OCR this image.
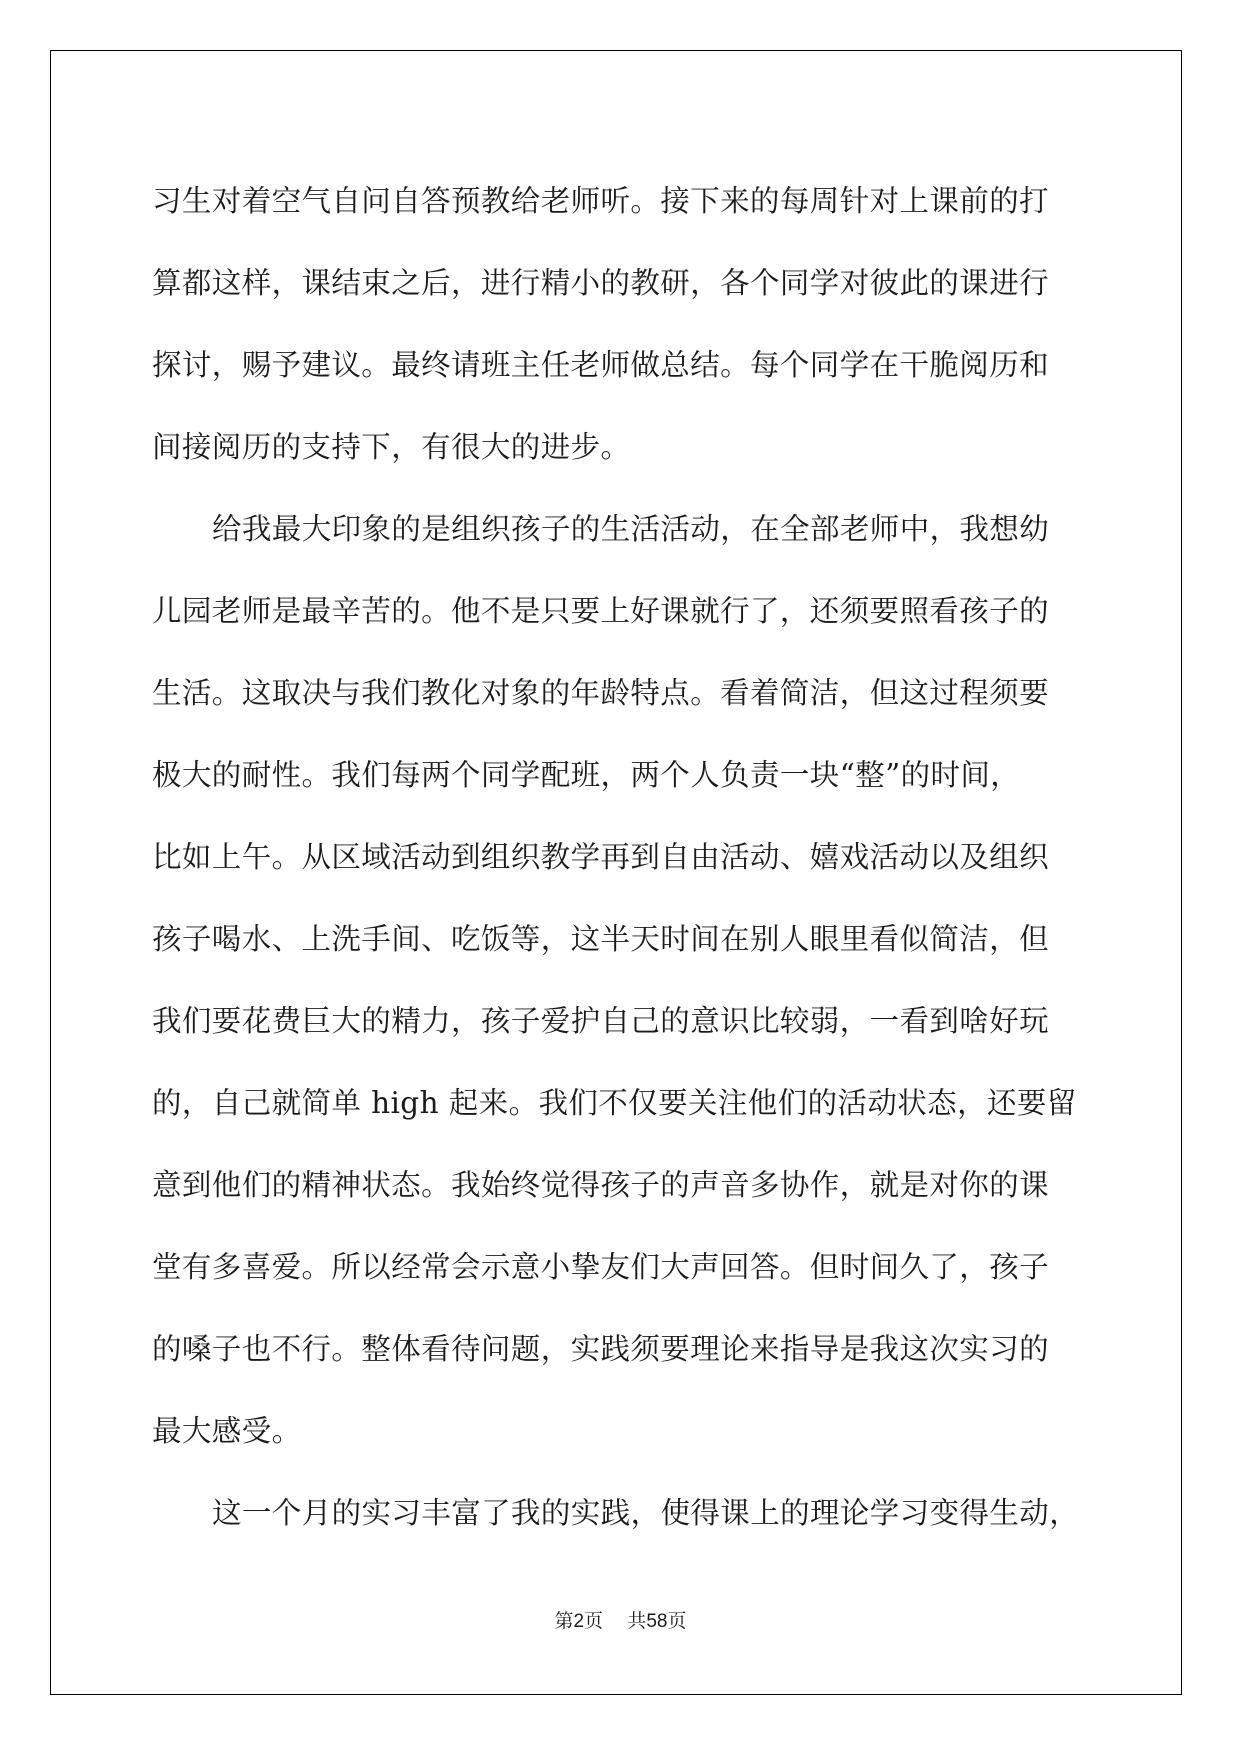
习生对着空气自问自答预教给老师听。接下来的每周针对上课前的打
算都这样，课结束之后，进行精小的教研，各个同学对彼此的课进行
探讨，赐予建议。最终请班主任老师做总结。每个同学在干脆阅历和
间接阅历的支持下，有很大的进步。
给我最大印象的是组织孩子的生活活动，在全部老师中，我想幼
儿园老师是最辛苦的。他不是只要上好课就行了，还须要照看孩子的
生活。这取决与我们教化对象的年龄特点。看着简洁，但这过程须要
极大的耐性。我们每两个同学配班，两个人负责一块“整”的时间，
比如上午。从区域活动到组织教学再到自由活动、嬉戏活动以及组织
孩子喝水、上洗手间、吃饭等，这半天时间在别人眼里看似简洁，但
我们要花费巨大的精力，孩子爱护自己的意识比较弱，一看到啥好玩
的，自己就简单 high 起来。我们不仅要关注他们的活动状态，还要留
意到他们的精神状态。我始终觉得孩子的声音多协作，就是对你的课
堂有多喜爱。所以经常会示意小挚友们大声回答。但时间久了，孩子
的嗓子也不行。整体看待问题，实践须要理论来指导是我这次实习的
最大感受。
这一个月的实习丰富了我的实践，使得课上的理论学习变得生动，
第2页 共58页
